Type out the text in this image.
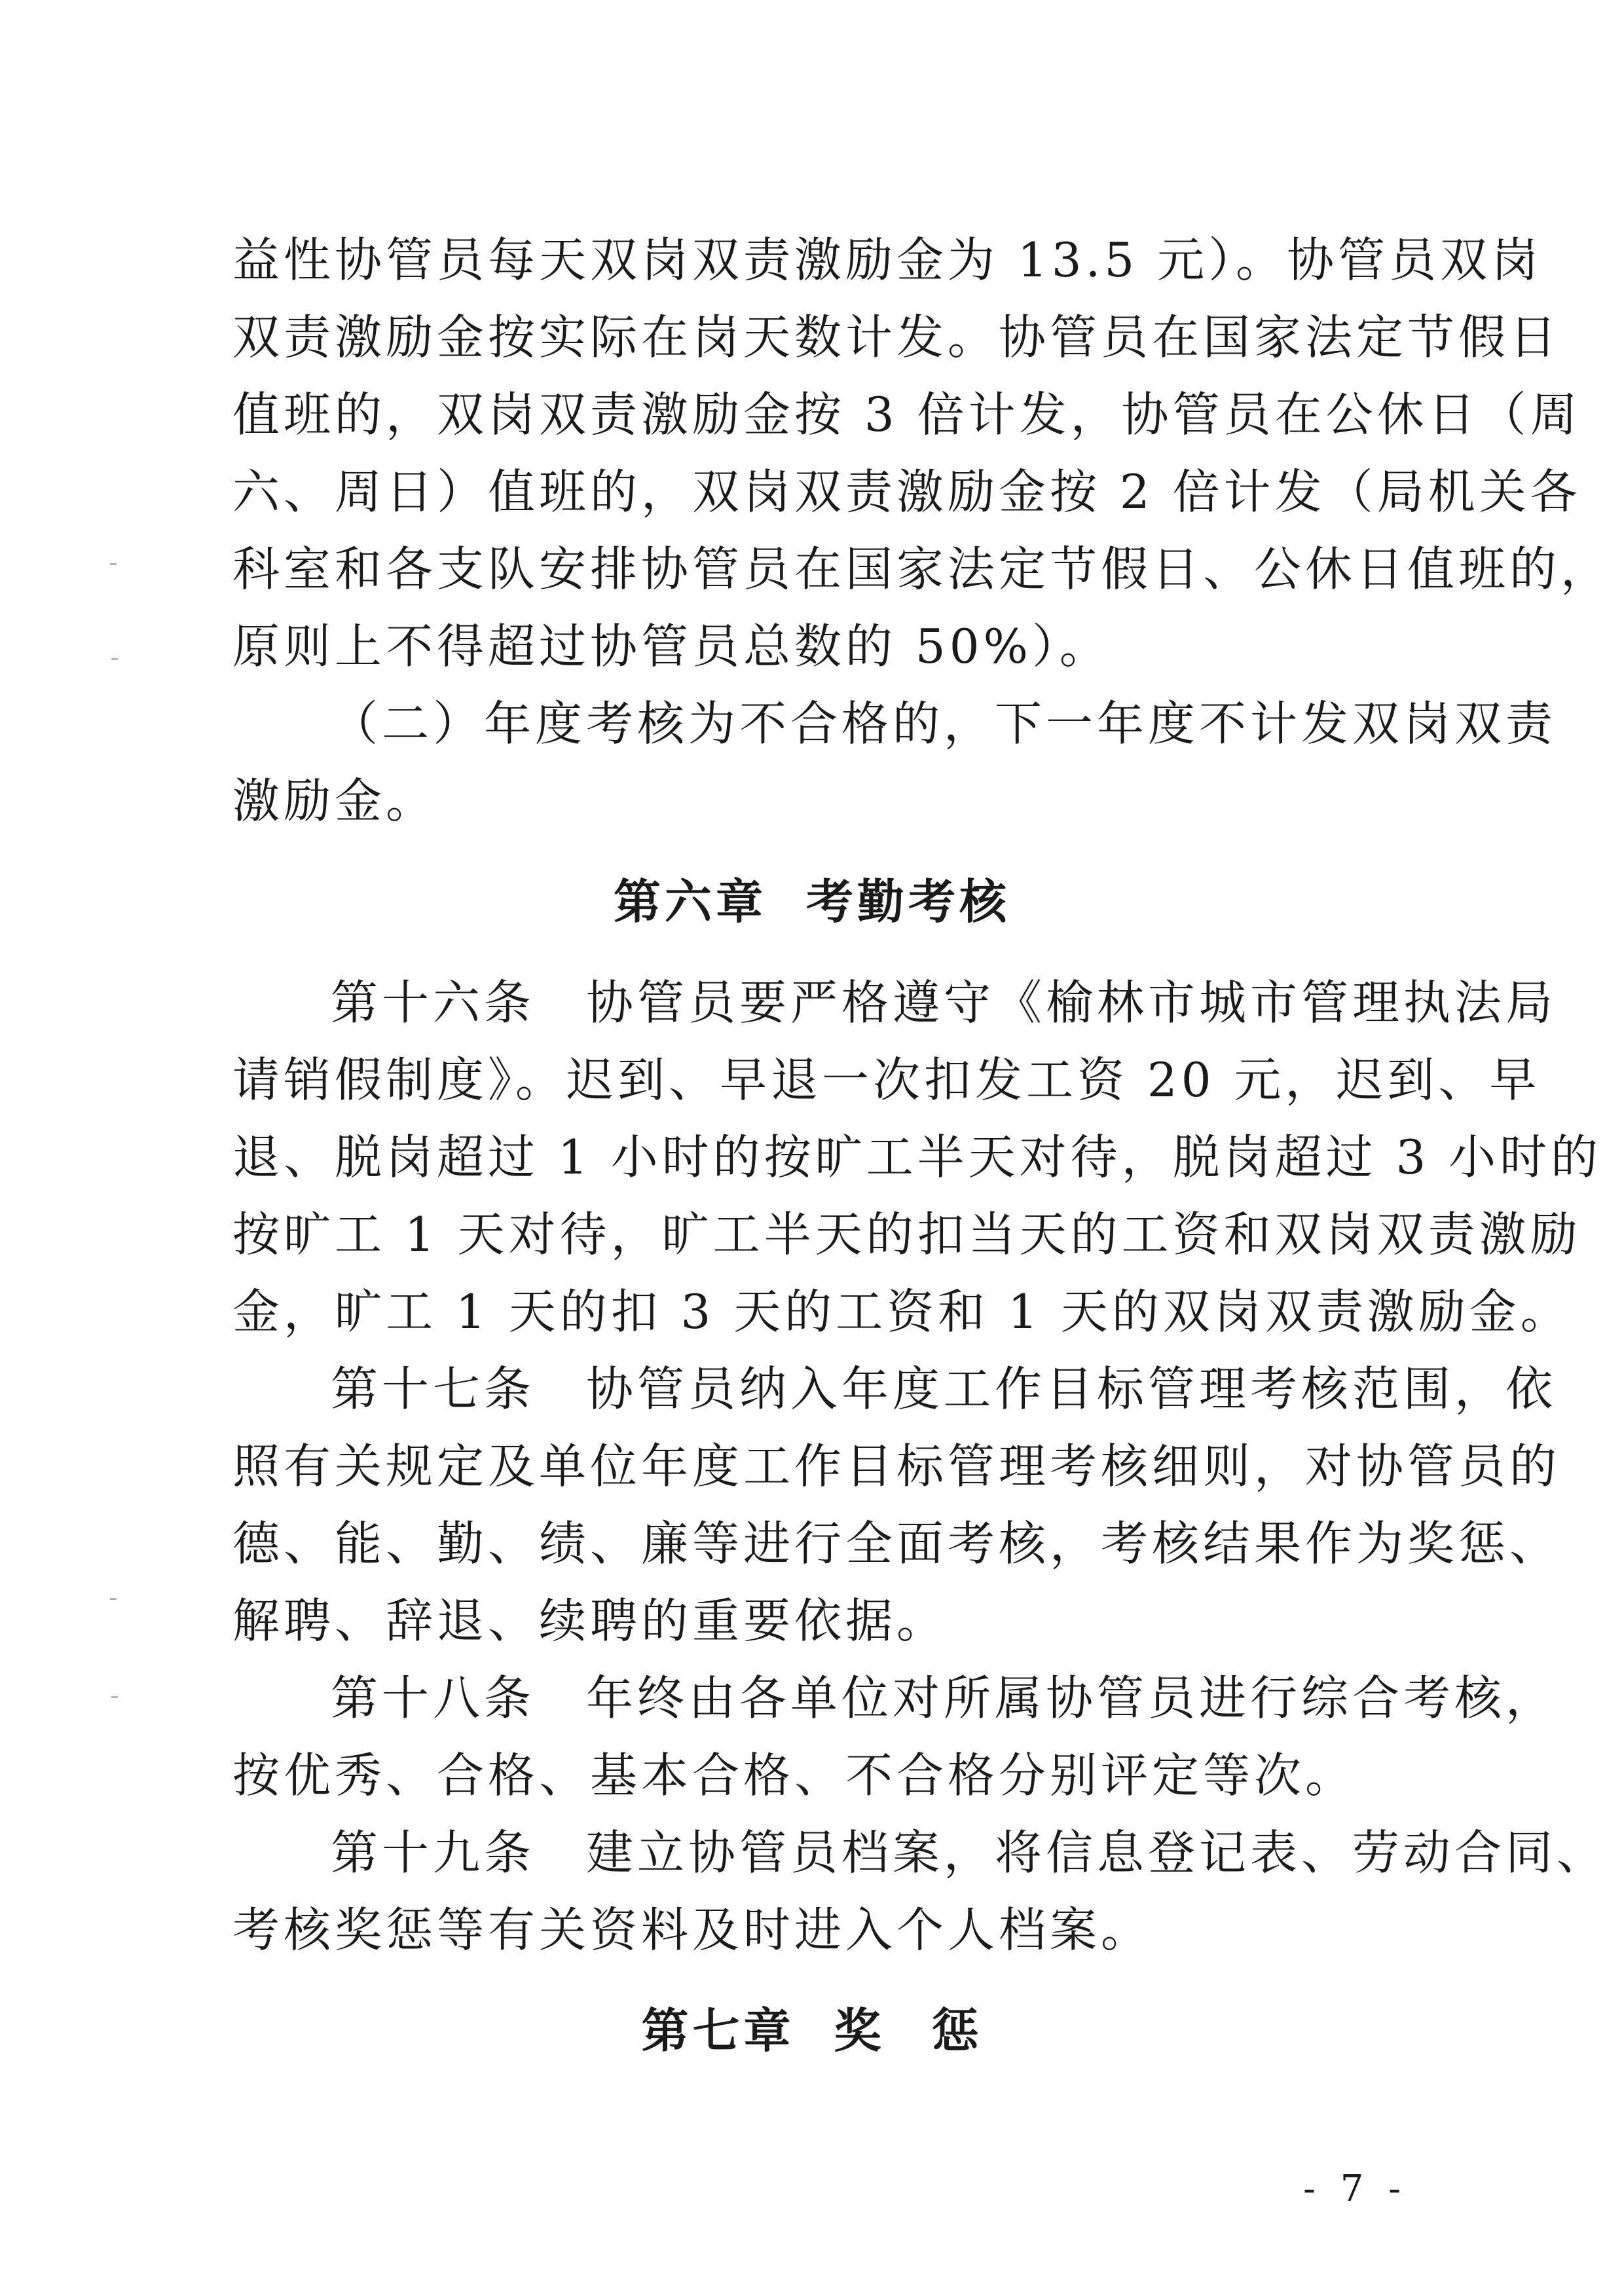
益性协管员每天双岗双责激励金为 13.5 元）。协管员双岗
双责激励金按实际在岗天数计发。协管员在国家法定节假日
值班的，双岗双责激励金按 3 倍计发，协管员在公休日（周
六、周日）值班的，双岗双责激励金按 2 倍计发（局机关各
科室和各支队安排协管员在国家法定节假日、公休日值班的，
原则上不得超过协管员总数的 50%）。
（二）年度考核为不合格的，下一年度不计发双岗双责
激励金。
第六章 考勤考核
第十六条　协管员要严格遵守《榆林市城市管理执法局
请销假制度》。迟到、早退一次扣发工资 20 元，迟到、早
退、脱岗超过 1 小时的按旷工半天对待，脱岗超过 3 小时的
按旷工 1 天对待，旷工半天的扣当天的工资和双岗双责激励
金，旷工 1 天的扣 3 天的工资和 1 天的双岗双责激励金。
第十七条　协管员纳入年度工作目标管理考核范围，依
照有关规定及单位年度工作目标管理考核细则，对协管员的
德、能、勤、绩、廉等进行全面考核，考核结果作为奖惩、
解聘、辞退、续聘的重要依据。
第十八条　年终由各单位对所属协管员进行综合考核，
按优秀、合格、基本合格、不合格分别评定等次。
第十九条　建立协管员档案，将信息登记表、劳动合同、
考核奖惩等有关资料及时进入个人档案。
第七章 奖 惩
- 7 -
